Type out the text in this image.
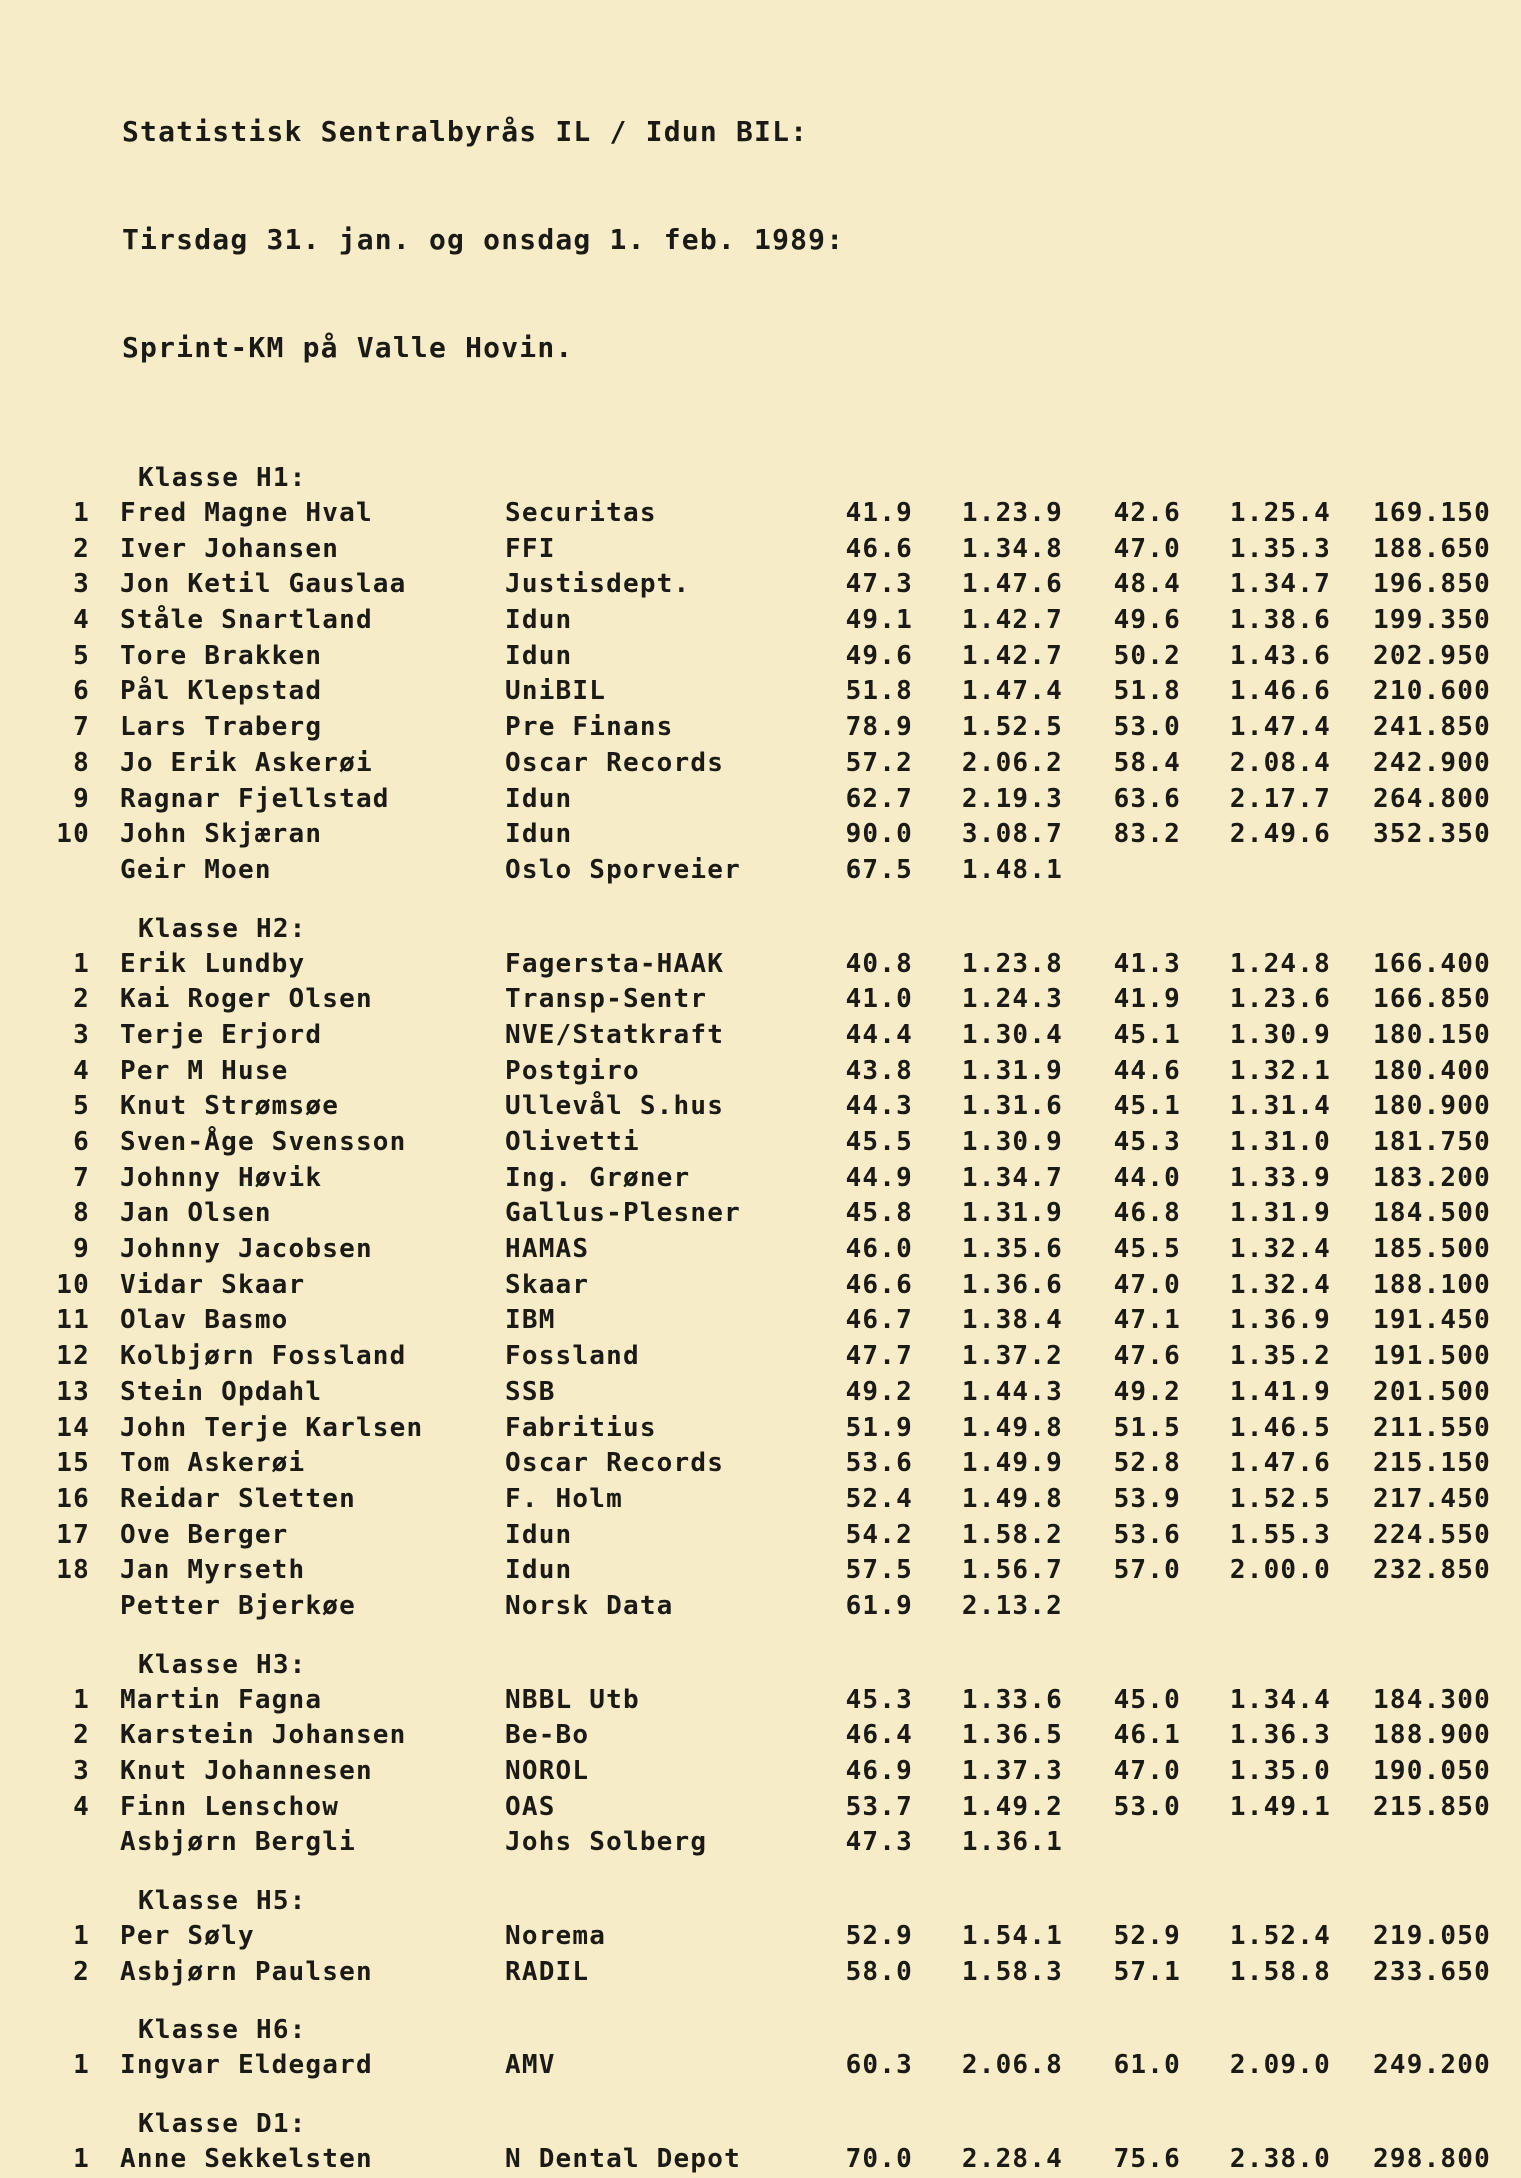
Statistisk Sentralbyrås IL / Idun BIL:

Tirsdag 31. jan. og onsdag 1. feb. 1989:

Sprint-KM på Valle Hovin.

Klasse H1:
1 Fred Magne Hval	Securitas	41.9	1.23.9	42.6	1.25.4	169.150
2 Iver Johansen	FFI	46.6	1.34.8	47.0	1.35.3	188.650
3 Jon Ketil Gauslaa	Justisdept.	47.3	1.47.6	48.4	1.34.7	196.850
4 Ståle Snartland	Idun	49.1	1.42.7	49.6	1.38.6	199.350
5 Tore Brakken	Idun	49.6	1.42.7	50.2	1.43.6	202.950
6 Pål Klepstad	UniBIL	51.8	1.47.4	51.8	1.46.6	210.600
7 Lars Traberg	Pre Finans	78.9	1.52.5	53.0	1.47.4	241.850
8 Jo Erik Askerøi	Oscar Records	57.2	2.06.2	58.4	2.08.4	242.900
9 Ragnar Fjellstad	Idun	62.7	2.19.3	63.6	2.17.7	264.800
10 John Skjæran	Idun	90.0	3.08.7	83.2	2.49.6	352.350
Geir Moen	Oslo Sporveier	67.5	1.48.1
Klasse H2:
1 Erik Lundby	Fagersta-HAAK	40.8	1.23.8	41.3	1.24.8	166.400
2 Kai Roger Olsen	Transp-Sentr	41.0	1.24.3	41.9	1.23.6	166.850
3 Terje Erjord	NVE/Statkraft	44.4	1.30.4	45.1	1.30.9	180.150
4 Per M Huse	Postgiro	43.8	1.31.9	44.6	1.32.1	180.400
5 Knut Strømsøe	Ullevål S.hus	44.3	1.31.6	45.1	1.31.4	180.900
6 Sven-Åge Svensson	Olivetti	45.5	1.30.9	45.3	1.31.0	181.750
7 Johnny Høvik	Ing. Grøner	44.9	1.34.7	44.0	1.33.9	183.200
8 Jan Olsen	Gallus-Plesner	45.8	1.31.9	46.8	1.31.9	184.500
9 Johnny Jacobsen	HAMAS	46.0	1.35.6	45.5	1.32.4	185.500
10 Vidar Skaar	Skaar	46.6	1.36.6	47.0	1.32.4	188.100
11 Olav Basmo	IBM	46.7	1.38.4	47.1	1.36.9	191.450
12 Kolbjørn Fossland	Fossland	47.7	1.37.2	47.6	1.35.2	191.500
13 Stein Opdahl	SSB	49.2	1.44.3	49.2	1.41.9	201.500
14 John Terje Karlsen	Fabritius	51.9	1.49.8	51.5	1.46.5	211.550
15 Tom Askerøi	Oscar Records	53.6	1.49.9	52.8	1.47.6	215.150
16 Reidar Sletten	F. Holm	52.4	1.49.8	53.9	1.52.5	217.450
17 Ove Berger	Idun	54.2	1.58.2	53.6	1.55.3	224.550
18 Jan Myrseth	Idun	57.5	1.56.7	57.0	2.00.0	232.850
Petter Bjerkøe	Norsk Data	61.9	2.13.2
Klasse H3:
1 Martin Fagna	NBBL Utb	45.3	1.33.6	45.0	1.34.4	184.300
2 Karstein Johansen	Be-Bo	46.4	1.36.5	46.1	1.36.3	188.900
3 Knut Johannesen	NOROL	46.9	1.37.3	47.0	1.35.0	190.050
4 Finn Lenschow	OAS	53.7	1.49.2	53.0	1.49.1	215.850
Asbjørn Bergli	Johs Solberg	47.3	1.36.1
Klasse H5:
1 Per Søly	Norema	52.9	1.54.1	52.9	1.52.4	219.050
2 Asbjørn Paulsen	RADIL	58.0	1.58.3	57.1	1.58.8	233.650
Klasse H6:
1 Ingvar Eldegard	AMV	60.3	2.06.8	61.0	2.09.0	249.200
Klasse D1:
1 Anne Sekkelsten	N Dental Depot	70.0	2.28.4	75.6	2.38.0	298.800
